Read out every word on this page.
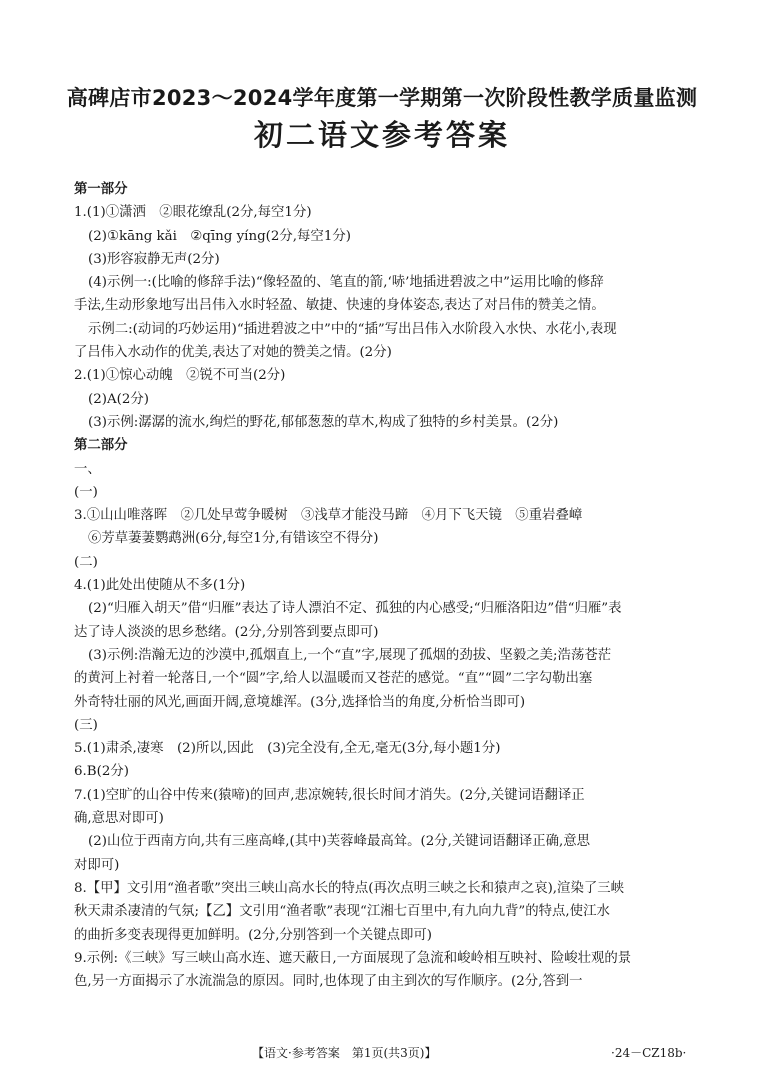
高碑店市2023～2024学年度第一学期第一次阶段性教学质量监测
初二语文参考答案
第一部分
1.(1)①潇洒　②眼花缭乱(2分,每空1分)
(2)①kāng kǎi　②qīng yíng(2分,每空1分)
(3)形容寂静无声(2分)
(4)示例一:(比喻的修辞手法)“像轻盈的、笔直的箭,‘哧’地插进碧波之中”运用比喻的修辞
手法,生动形象地写出吕伟入水时轻盈、敏捷、快速的身体姿态,表达了对吕伟的赞美之情。
示例二:(动词的巧妙运用)“插进碧波之中”中的“插”写出吕伟入水阶段入水快、水花小,表现
了吕伟入水动作的优美,表达了对她的赞美之情。(2分)
2.(1)①惊心动魄　②锐不可当(2分)
(2)A(2分)
(3)示例:潺潺的流水,绚烂的野花,郁郁葱葱的草木,构成了独特的乡村美景。(2分)
第二部分
一、
(一)
3.①山山唯落晖　②几处早莺争暖树　③浅草才能没马蹄　④月下飞天镜　⑤重岩叠嶂
⑥芳草萋萋鹦鹉洲(6分,每空1分,有错该空不得分)
(二)
4.(1)此处出使随从不多(1分)
(2)“归雁入胡天”借“归雁”表达了诗人漂泊不定、孤独的内心感受;“归雁洛阳边”借“归雁”表
达了诗人淡淡的思乡愁绪。(2分,分别答到要点即可)
(3)示例:浩瀚无边的沙漠中,孤烟直上,一个“直”字,展现了孤烟的劲拔、坚毅之美;浩荡苍茫
的黄河上衬着一轮落日,一个“圆”字,给人以温暖而又苍茫的感觉。“直”“圆”二字勾勒出塞
外奇特壮丽的风光,画面开阔,意境雄浑。(3分,选择恰当的角度,分析恰当即可)
(三)
5.(1)肃杀,凄寒　(2)所以,因此　(3)完全没有,全无,毫无(3分,每小题1分)
6.B(2分)
7.(1)空旷的山谷中传来(猿啼)的回声,悲凉婉转,很长时间才消失。(2分,关键词语翻译正
确,意思对即可)
(2)山位于西南方向,共有三座高峰,(其中)芙蓉峰最高耸。(2分,关键词语翻译正确,意思
对即可)
8.【甲】文引用“渔者歌”突出三峡山高水长的特点(再次点明三峡之长和猿声之哀),渲染了三峡
秋天肃杀凄清的气氛;【乙】文引用“渔者歌”表现“江湘七百里中,有九向九背”的特点,使江水
的曲折多变表现得更加鲜明。(2分,分别答到一个关键点即可)
9.示例:《三峡》写三峡山高水连、遮天蔽日,一方面展现了急流和峻岭相互映衬、险峻壮观的景
色,另一方面揭示了水流湍急的原因。同时,也体现了由主到次的写作顺序。(2分,答到一
【语文·参考答案　第1页(共3页)】	·24－CZ18b·
